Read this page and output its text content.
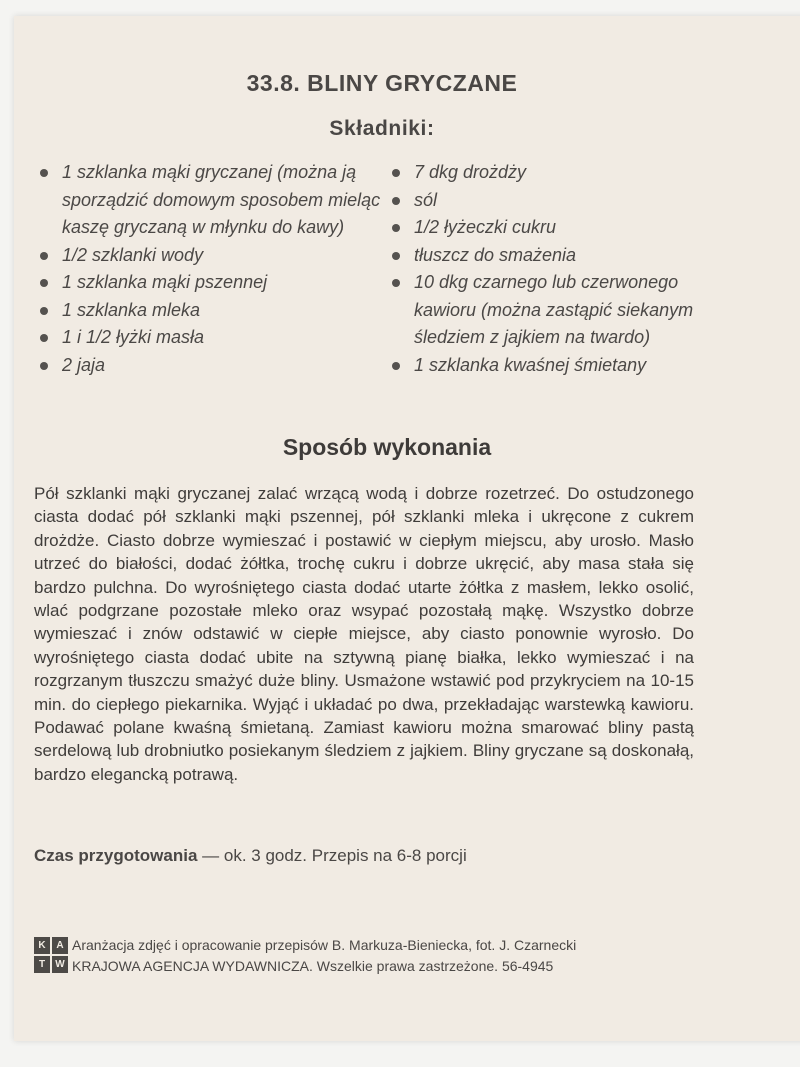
33.8. BLINY GRYCZANE
Składniki:
1 szklanka mąki gryczanej (można ją sporządzić domowym sposobem mieląc kaszę gryczaną w młynku do kawy)
1/2 szklanki wody
1 szklanka mąki pszennej
1 szklanka mleka
1 i 1/2 łyżki masła
2 jaja
7 dkg drożdży
sól
1/2 łyżeczki cukru
tłuszcz do smażenia
10 dkg czarnego lub czerwonego kawioru (można zastąpić siekanym śledziem z jajkiem na twardo)
1 szklanka kwaśnej śmietany
Sposób wykonania

Pół szklanki mąki gryczanej zalać wrzącą wodą i dobrze rozetrzeć. Do ostudzonego ciasta dodać pół szklanki mąki pszennej, pół szklanki mleka i ukręcone z cukrem drożdże. Ciasto dobrze wymieszać i postawić w ciepłym miejscu, aby urosło. Masło utrzeć do białości, dodać żółtka, trochę cukru i dobrze ukręcić, aby masa stała się bardzo pulchna. Do wyrośniętego ciasta dodać utarte żółtka z masłem, lekko osolić, wlać podgrzane pozostałe mleko oraz wsypać pozostałą mąkę. Wszystko dobrze wymieszać i znów odstawić w ciepłe miejsce, aby ciasto ponownie wyrosło. Do wyrośniętego ciasta dodać ubite na sztywną pianę białka, lekko wymieszać i na rozgrzanym tłuszczu smażyć duże bliny. Usmażone wstawić pod przykryciem na 10-15 min. do ciepłego piekarnika. Wyjąć i układać po dwa, przekładając warstewką kawioru. Podawać polane kwaśną śmietaną. Zamiast kawioru można smarować bliny pastą serdelową lub drobniutko posiekanym śledziem z jajkiem. Bliny gryczane są doskonałą, bardzo elegancką potrawą.

Czas przygotowania — ok. 3 godz. Przepis na 6-8 porcji
K	A
T	W
Aranżacja zdjęć i opracowanie przepisów B. Markuza-Bieniecka, fot. J. Czarnecki
KRAJOWA AGENCJA WYDAWNICZA. Wszelkie prawa zastrzeżone. 56-4945
